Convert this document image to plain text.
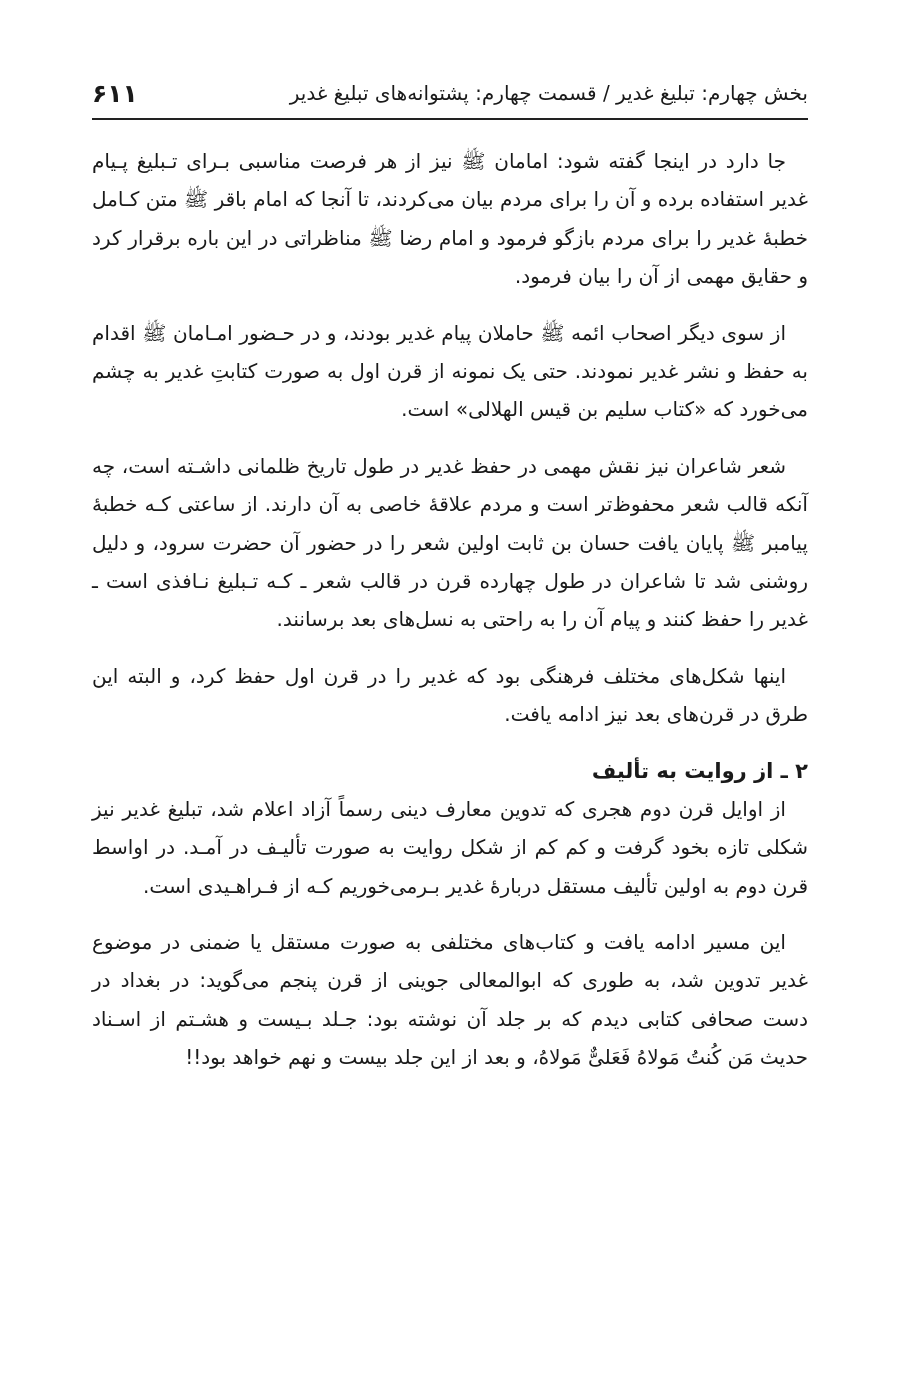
بخش چهارم: تبلیغ غدیر / قسمت چهارم: پشتوانه‌های تبلیغ غدیر
۶۱۱

جا دارد در اینجا گفته شود: امامان ﷺ نیز از هر فرصت مناسبی بـرای تـبلیغ پـیام غدیر استفاده برده و آن را برای مردم بیان می‌کردند، تا آنجا که امام باقر ﷺ متن کـامل خطبهٔ غدیر را برای مردم بازگو فرمود و امام رضا ﷺ مناظراتی در این باره برقرار کرد و حقایق مهمی از آن را بیان فرمود.

از سوی دیگر اصحاب ائمه ﷺ حاملان پیام غدیر بودند، و در حـضور امـامان ﷺ اقدام به حفظ و نشر غدیر نمودند. حتی یک نمونه از قرن اول به صورت کتابتِ غدیر به چشم می‌خورد که «کتاب سلیم بن قیس الهلالی» است.

شعر شاعران نیز نقش مهمی در حفظ غدیر در طول تاریخ ظلمانی داشـته است، چه آنکه قالب شعر محفوظ‌تر است و مردم علاقهٔ خاصی به آن دارند. از ساعتی کـه خطبهٔ پیامبر ﷺ پایان یافت حسان بن ثابت اولین شعر را در حضور آن حضرت سرود، و دلیل روشنی شد تا شاعران در طول چهارده قرن در قالب شعر ـ کـه تـبلیغ نـافذی است ـ غدیر را حفظ کنند و پیام آن را به راحتی به نسل‌های بعد برسانند.

اینها شکل‌های مختلف فرهنگی بود که غدیر را در قرن اول حفظ کرد، و البته این طرق در قرن‌های بعد نیز ادامه یافت.

۲ ـ از روایت به تألیف

از اوایل قرن دوم هجری که تدوین معارف دینی رسماً آزاد اعلام شد، تبلیغ غدیر نیز شکلی تازه بخود گرفت و کم کم از شکل روایت به صورت تألیـف در آمـد. در اواسط قرن دوم به اولین تألیف مستقل دربارهٔ غدیر بـرمی‌خوریم کـه از فـراهـیدی است.

این مسیر ادامه یافت و کتاب‌های مختلفی به صورت مستقل یا ضمنی در موضوع غدیر تدوین شد، به طوری که ابوالمعالی جوینی از قرن پنجم می‌گوید: در بغداد در دست صحافی کتابی دیدم که بر جلد آن نوشته بود: جـلد بـیست و هشـتم از اسـناد حدیث مَن کُنتُ مَولاهُ فَعَلیٌّ مَولاهُ، و بعد از این جلد بیست و نهم خواهد بود!!
